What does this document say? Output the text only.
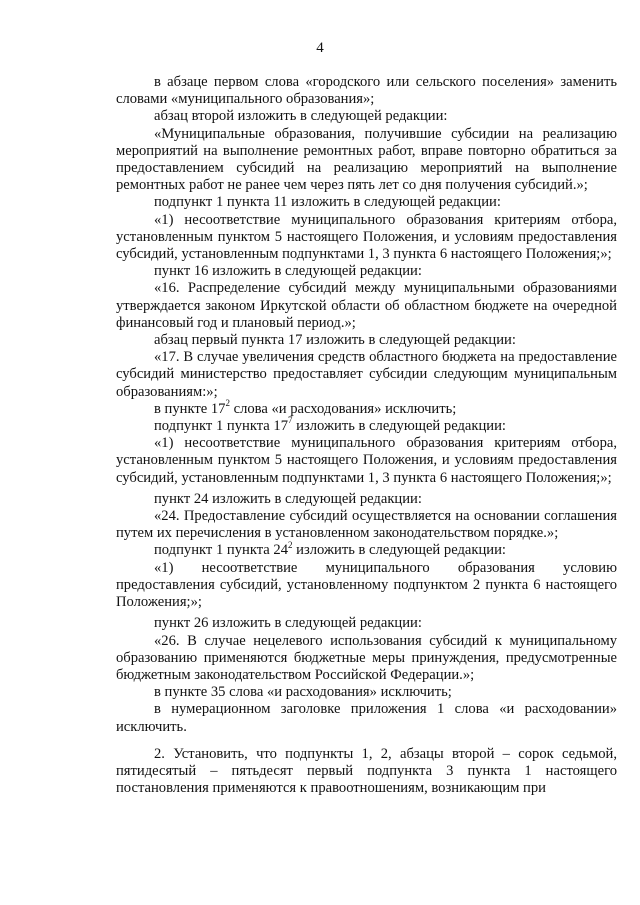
4

в абзаце первом слова «городского или сельского поселения» заменить словами «муниципального образования»;

абзац второй изложить в следующей редакции:

«Муниципальные образования, получившие субсидии на реализацию мероприятий на выполнение ремонтных работ, вправе повторно обратиться за предоставлением субсидий на реализацию мероприятий на выполнение ремонтных работ не ранее чем через пять лет со дня получения субсидий.»;

подпункт 1 пункта 11 изложить в следующей редакции:

«1) несоответствие муниципального образования критериям отбора, установленным пунктом 5 настоящего Положения, и условиям предоставления субсидий, установленным подпунктами 1, 3 пункта 6 настоящего Положения;»;

пункт 16 изложить в следующей редакции:

«16. Распределение субсидий между муниципальными образованиями утверждается законом Иркутской области об областном бюджете на очередной финансовый год и плановый период.»;

абзац первый пункта 17 изложить в следующей редакции:

«17. В случае увеличения средств областного бюджета на предоставление субсидий министерство предоставляет субсидии следующим муниципальным образованиям:»;

в пункте $17^2$ слова «и расходования» исключить;

подпункт 1 пункта $17^7$ изложить в следующей редакции:

«1) несоответствие муниципального образования критериям отбора, установленным пунктом 5 настоящего Положения, и условиям предоставления субсидий, установленным подпунктами 1, 3 пункта 6 настоящего Положения;»;

пункт 24 изложить в следующей редакции:

«24. Предоставление субсидий осуществляется на основании соглашения путем их перечисления в установленном законодательством порядке.»;

подпункт 1 пункта $24^2$ изложить в следующей редакции:

«1) несоответствие муниципального образования условию предоставления субсидий, установленному подпунктом 2 пункта 6 настоящего Положения;»;

пункт 26 изложить в следующей редакции:

«26. В случае нецелевого использования субсидий к муниципальному образованию применяются бюджетные меры принуждения, предусмотренные бюджетным законодательством Российской Федерации.»;

в пункте 35 слова «и расходования» исключить;

в нумерационном заголовке приложения 1 слова «и расходовании» исключить.

2. Установить, что подпункты 1, 2, абзацы второй – сорок седьмой, пятидесятый – пятьдесят первый подпункта 3 пункта 1 настоящего постановления применяются к правоотношениям, возникающим при
